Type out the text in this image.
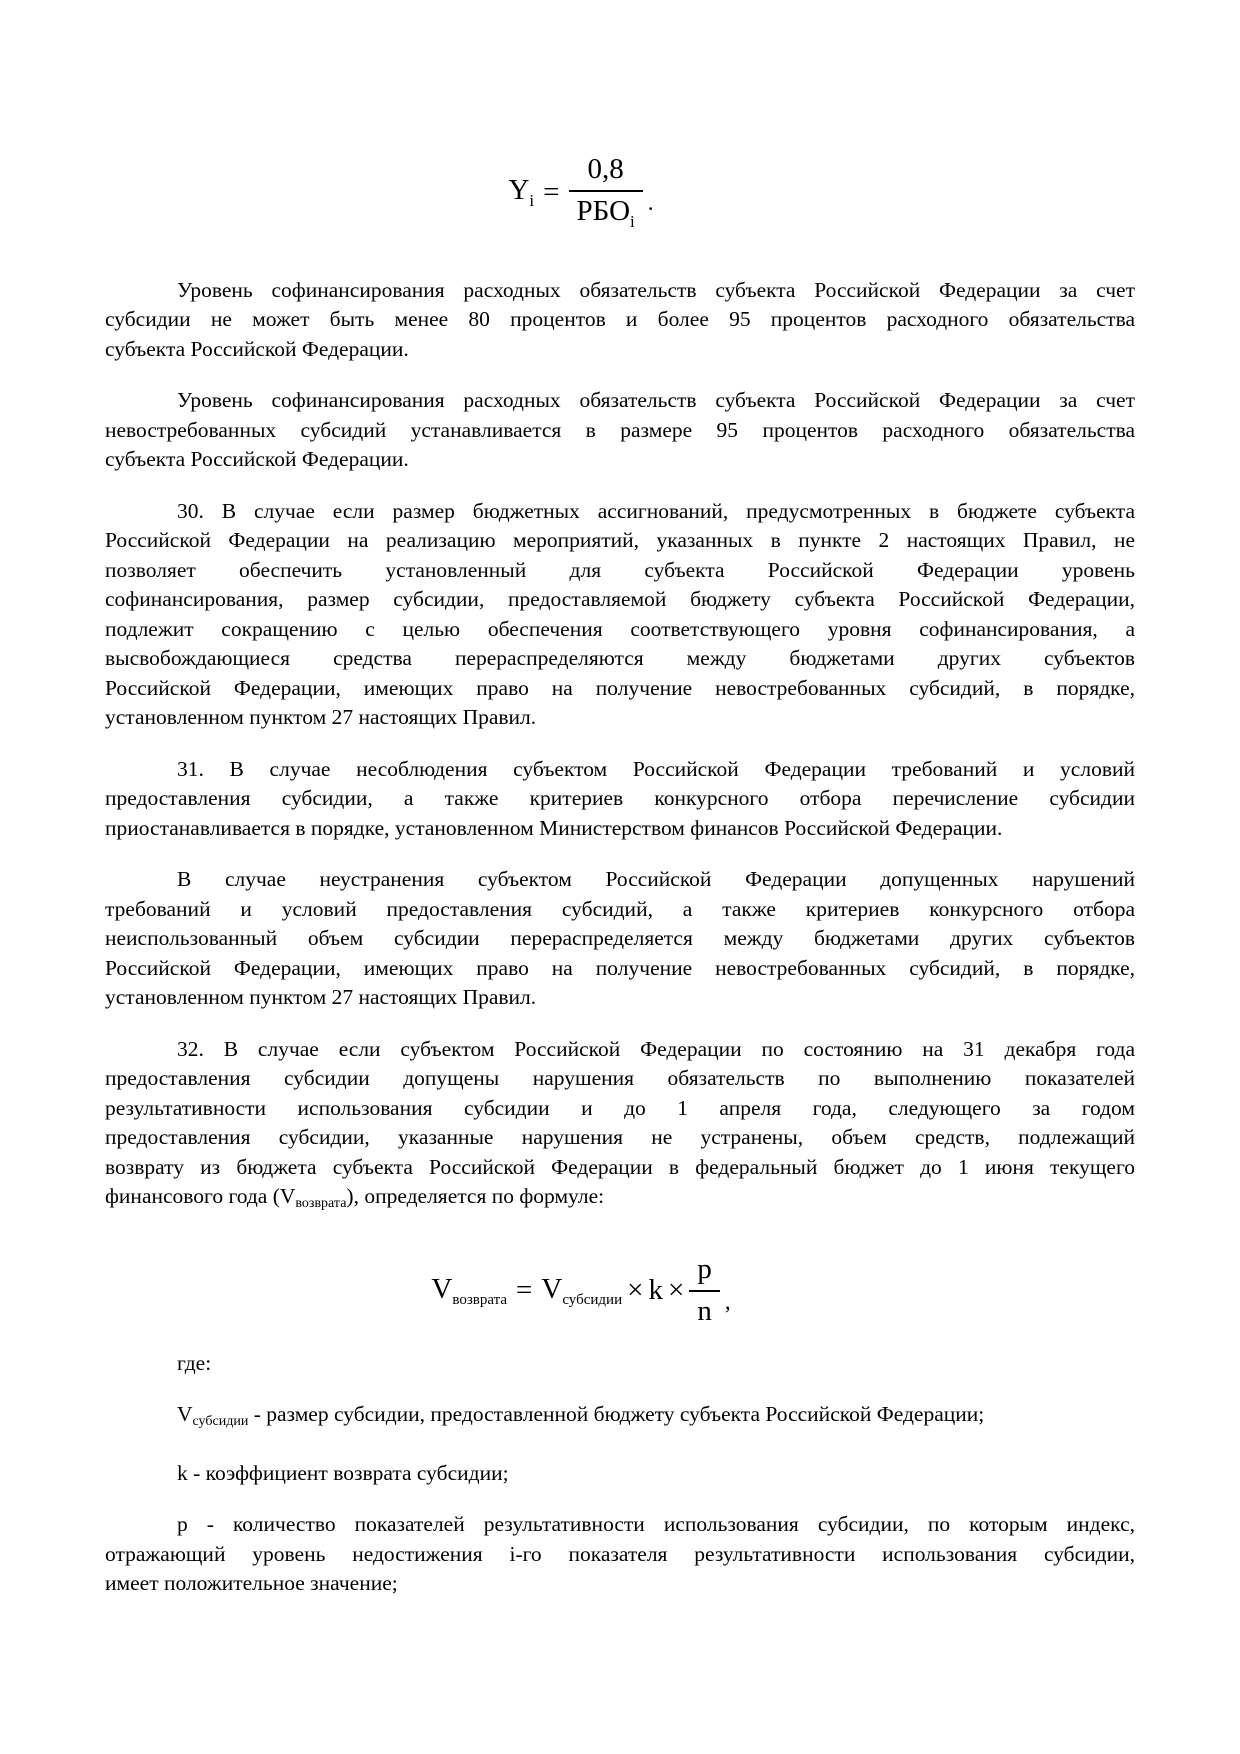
$Y_i = \frac{0,8}{РБО_i}$ .
Уровень софинансирования расходных обязательств субъекта Российской Федерации за счет
субсидии не может быть менее 80 процентов и более 95 процентов расходного обязательства
субъекта Российской Федерации.
Уровень софинансирования расходных обязательств субъекта Российской Федерации за счет
невостребованных субсидий устанавливается в размере 95 процентов расходного обязательства
субъекта Российской Федерации.
30. В случае если размер бюджетных ассигнований, предусмотренных в бюджете субъекта
Российской Федерации на реализацию мероприятий, указанных в пункте 2 настоящих Правил, не
позволяет обеспечить установленный для субъекта Российской Федерации уровень
софинансирования, размер субсидии, предоставляемой бюджету субъекта Российской Федерации,
подлежит сокращению с целью обеспечения соответствующего уровня софинансирования, а
высвобождающиеся средства перераспределяются между бюджетами других субъектов
Российской Федерации, имеющих право на получение невостребованных субсидий, в порядке,
установленном пунктом 27 настоящих Правил.
31. В случае несоблюдения субъектом Российской Федерации требований и условий
предоставления субсидии, а также критериев конкурсного отбора перечисление субсидии
приостанавливается в порядке, установленном Министерством финансов Российской Федерации.
В случае неустранения субъектом Российской Федерации допущенных нарушений
требований и условий предоставления субсидий, а также критериев конкурсного отбора
неиспользованный объем субсидии перераспределяется между бюджетами других субъектов
Российской Федерации, имеющих право на получение невостребованных субсидий, в порядке,
установленном пунктом 27 настоящих Правил.
32. В случае если субъектом Российской Федерации по состоянию на 31 декабря года
предоставления субсидии допущены нарушения обязательств по выполнению показателей
результативности использования субсидии и до 1 апреля года, следующего за годом
предоставления субсидии, указанные нарушения не устранены, объем средств, подлежащий
возврату из бюджета субъекта Российской Федерации в федеральный бюджет до 1 июня текущего
финансового года (Vвозврата), определяется по формуле:
$V_{возврата} = V_{субсидии} \times k \times \frac{p}{n}$ ,
где:
Vсубсидии - размер субсидии, предоставленной бюджету субъекта Российской Федерации;
k - коэффициент возврата субсидии;
p - количество показателей результативности использования субсидии, по которым индекс,
отражающий уровень недостижения i-го показателя результативности использования субсидии,
имеет положительное значение;
